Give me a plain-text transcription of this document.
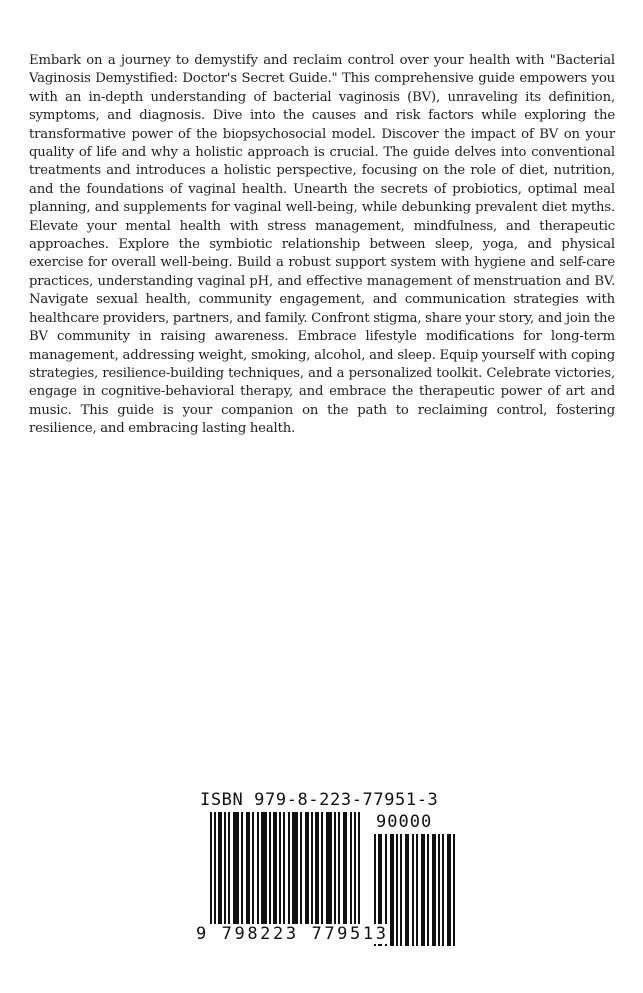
Embark on a journey to demystify and reclaim control over your health with "Bacterial Vaginosis Demystified: Doctor's Secret Guide." This comprehensive guide empowers you with an in-depth understanding of bacterial vaginosis (BV), unraveling its definition, symptoms, and diagnosis. Dive into the causes and risk factors while exploring the transformative power of the biopsychosocial model. Discover the impact of BV on your quality of life and why a holistic approach is crucial. The guide delves into conventional treatments and introduces a holistic perspective, focusing on the role of diet, nutrition, and the foundations of vaginal health. Unearth the secrets of probiotics, optimal meal planning, and supplements for vaginal well-being, while debunking prevalent diet myths. Elevate your mental health with stress management, mindfulness, and therapeutic approaches. Explore the symbiotic relationship between sleep, yoga, and physical exercise for overall well-being. Build a robust support system with hygiene and self-care practices, understanding vaginal pH, and effective management of menstruation and BV. Navigate sexual health, community engagement, and communication strategies with healthcare providers, partners, and family. Confront stigma, share your story, and join the BV community in raising awareness. Embrace lifestyle modifications for long-term management, addressing weight, smoking, alcohol, and sleep. Equip yourself with coping strategies, resilience-building techniques, and a personalized toolkit. Celebrate victories, engage in cognitive-behavioral therapy, and embrace the therapeutic power of art and music. This guide is your companion on the path to reclaiming control, fostering resilience, and embracing lasting health.

ISBN 979-8-223-77951-3
90000
9 798223 779513
